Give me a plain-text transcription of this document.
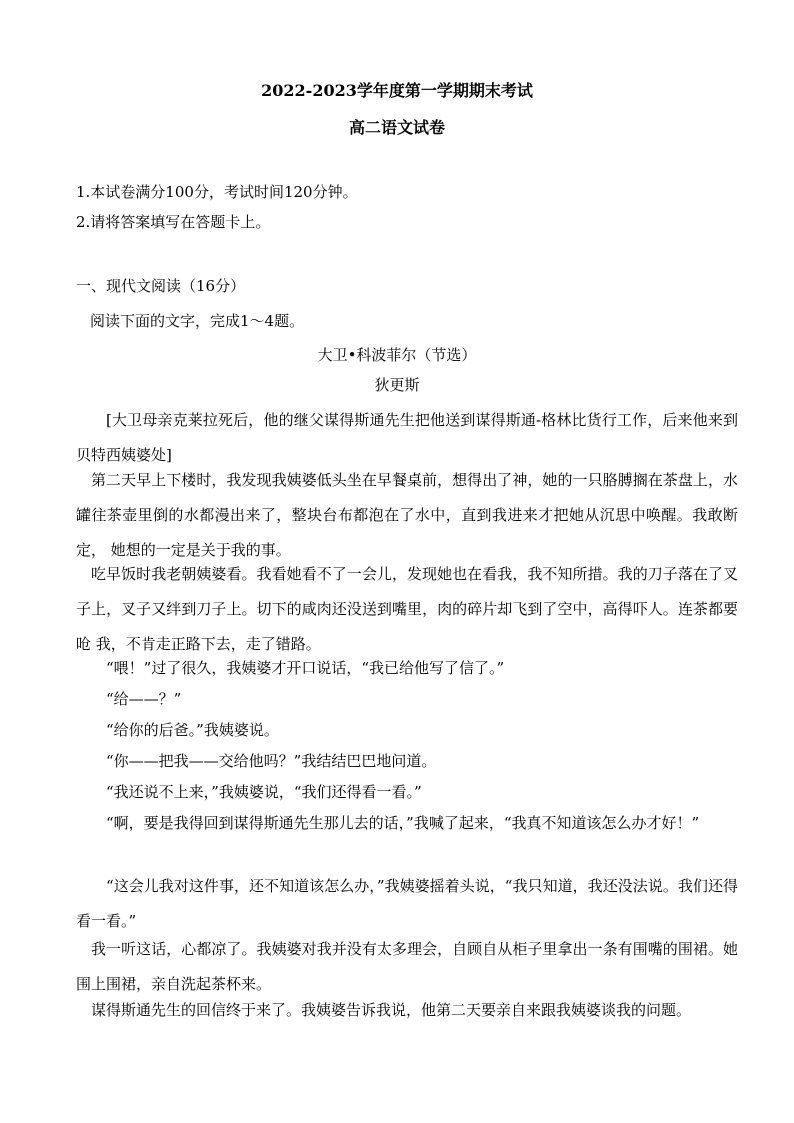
2022-2023学年度第一学期期末考试
高二语文试卷
1.本试卷满分100分，考试时间120分钟。
2.请将答案填写在答题卡上。
一、现代文阅读（16分）
阅读下面的文字，完成1～4题。
大卫•科波菲尔（节选）
狄更斯
[大卫母亲克莱拉死后，他的继父谋得斯通先生把他送到谋得斯通-格林比货行工作，后来他来到 贝特西姨婆处]
第二天早上下楼时，我发现我姨婆低头坐在早餐桌前，想得出了神，她的一只胳膊搁在茶盘上，水 罐往茶壶里倒的水都漫出来了，整块台布都泡在了水中，直到我进来才把她从沉思中唤醒。我敢断定， 她想的一定是关于我的事。
吃早饭时我老朝姨婆看。我看她看不了一会儿，发现她也在看我，我不知所措。我的刀子落在了叉 子上，叉子又绊到刀子上。切下的咸肉还没送到嘴里，肉的碎片却飞到了空中，高得吓人。连茶都要呛 我，不肯走正路下去，走了错路。
“喂！”过了很久，我姨婆才开口说话，“我已给他写了信了。”
“给——？”
“给你的后爸。”我姨婆说。
“你——把我——交给他吗？”我结结巴巴地问道。
“我还说不上来，”我姨婆说，“我们还得看一看。”
“啊，要是我得回到谋得斯通先生那儿去的话，”我喊了起来，“我真不知道该怎么办才好！”
“这会儿我对这件事，还不知道该怎么办，”我姨婆摇着头说，“我只知道，我还没法说。我们还得 看一看。”
我一听这话，心都凉了。我姨婆对我并没有太多理会，自顾自从柜子里拿出一条有围嘴的围裙。她 围上围裙，亲自洗起茶杯来。
谋得斯通先生的回信终于来了。我姨婆告诉我说，他第二天要亲自来跟我姨婆谈我的问题。
